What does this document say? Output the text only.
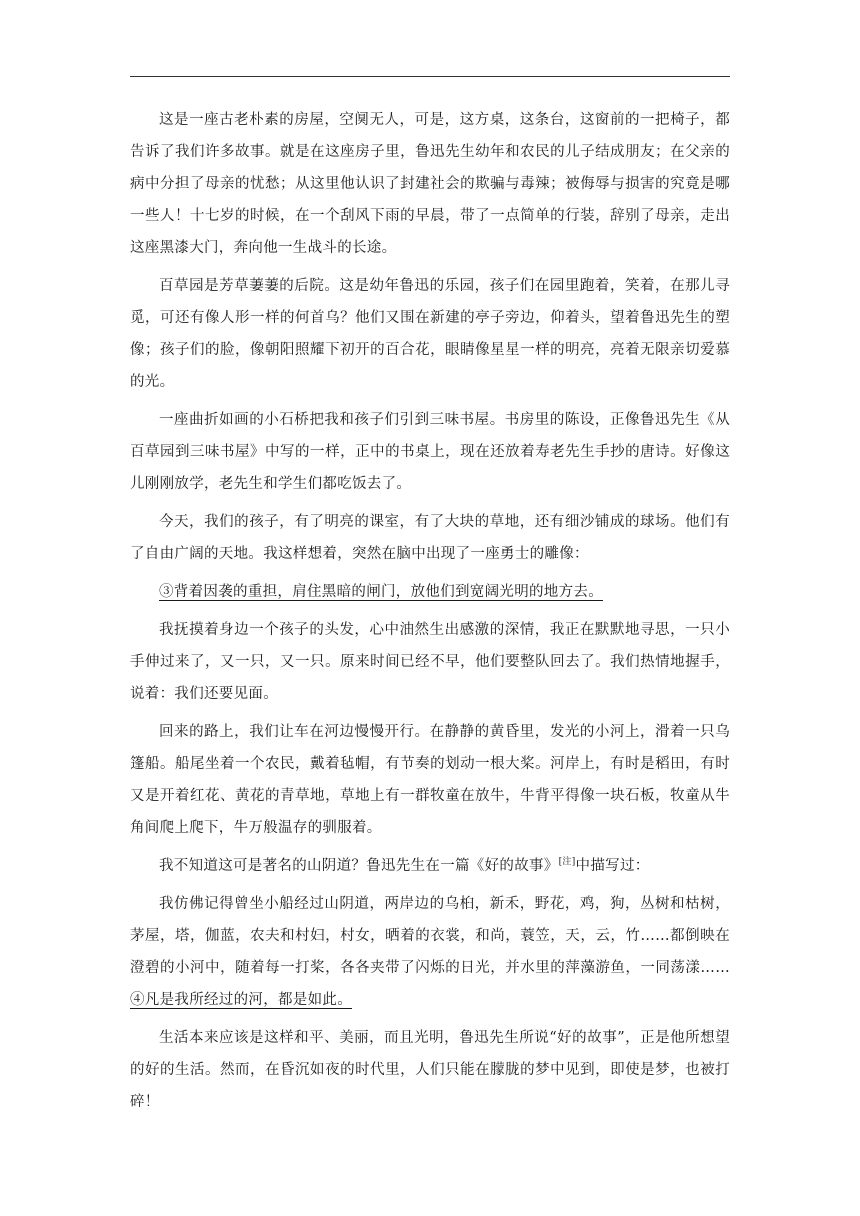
这是一座古老朴素的房屋，空阒无人，可是，这方桌，这条台，这窗前的一把椅子，都告诉了我们许多故事。就是在这座房子里，鲁迅先生幼年和农民的儿子结成朋友；在父亲的病中分担了母亲的忧愁；从这里他认识了封建社会的欺骗与毒辣；被侮辱与损害的究竟是哪一些人！十七岁的时候，在一个刮风下雨的早晨，带了一点简单的行装，辞别了母亲，走出这座黑漆大门，奔向他一生战斗的长途。

百草园是芳草萋萋的后院。这是幼年鲁迅的乐园，孩子们在园里跑着，笑着，在那儿寻觅，可还有像人形一样的何首乌？他们又围在新建的亭子旁边，仰着头，望着鲁迅先生的塑像；孩子们的脸，像朝阳照耀下初开的百合花，眼睛像星星一样的明亮，亮着无限亲切爱慕的光。

一座曲折如画的小石桥把我和孩子们引到三味书屋。书房里的陈设，正像鲁迅先生《从百草园到三味书屋》中写的一样，正中的书桌上，现在还放着寿老先生手抄的唐诗。好像这儿刚刚放学，老先生和学生们都吃饭去了。

今天，我们的孩子，有了明亮的课室，有了大块的草地，还有细沙铺成的球场。他们有了自由广阔的天地。我这样想着，突然在脑中出现了一座勇士的雕像：

③背着因袭的重担，肩住黑暗的闸门，放他们到宽阔光明的地方去。

我抚摸着身边一个孩子的头发，心中油然生出感激的深情，我正在默默地寻思，一只小手伸过来了，又一只，又一只。原来时间已经不早，他们要整队回去了。我们热情地握手，说着：我们还要见面。

回来的路上，我们让车在河边慢慢开行。在静静的黄昏里，发光的小河上，滑着一只乌篷船。船尾坐着一个农民，戴着毡帽，有节奏的划动一根大桨。河岸上，有时是稻田，有时又是开着红花、黄花的青草地，草地上有一群牧童在放牛，牛背平得像一块石板，牧童从牛角间爬上爬下，牛万般温存的驯服着。

我不知道这可是著名的山阴道？鲁迅先生在一篇《好的故事》[注]中描写过：

我仿佛记得曾坐小船经过山阴道，两岸边的乌桕，新禾，野花，鸡，狗，丛树和枯树，茅屋，塔，伽蓝，农夫和村妇，村女，晒着的衣裳，和尚，蓑笠，天，云，竹……都倒映在澄碧的小河中，随着每一打桨，各各夹带了闪烁的日光，并水里的萍藻游鱼，一同荡漾……④凡是我所经过的河，都是如此。

生活本来应该是这样和平、美丽，而且光明，鲁迅先生所说“好的故事”，正是他所想望的好的生活。然而，在昏沉如夜的时代里，人们只能在朦胧的梦中见到，即使是梦，也被打碎！
